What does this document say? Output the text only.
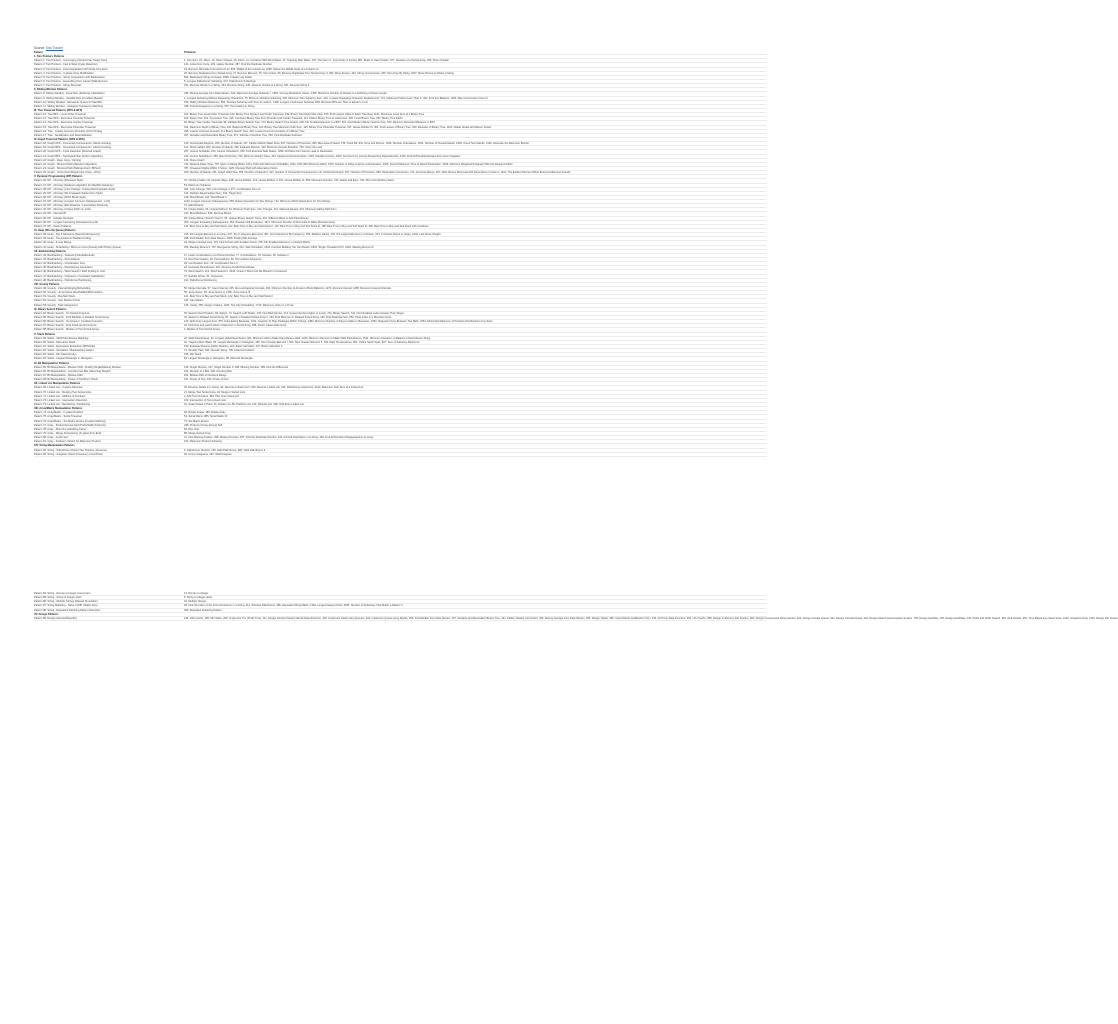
Source: Stat Tracker
Pattern	Problems
1. Two Pointers Patterns
Pattern 1: Two Pointers - Converging (Sorted Array Target Sum)	1. Two Sum, 15. 3Sum, 16. 3Sum Closest, 18. 4Sum, 11. Container With Most Water, 42. Trapping Rain Water, 167. Two Sum II - Input Array Is Sorted, 881. Boats to Save People, 977. Squares of a Sorted Array, 259. 3Sum Smaller
Pattern 2: Two Pointers - Fast & Slow (Cycle Detection)	141. Linked List Cycle, 202. Happy Number, 287. Find the Duplicate Number
Pattern 3: Two Pointers - Fixed Separation (Nth Node from End)	19. Remove Nth Node From End of List, 876. Middle of the Linked List, 2095. Delete the Middle Node of a Linked List
Pattern 4: Two Pointers - In-place Array Modification	26. Remove Duplicates from Sorted Array, 27. Remove Element, 75. Sort Colors, 80. Remove Duplicates from Sorted Array II, 283. Move Zeroes, 443. String Compression, 905. Sort Array By Parity, 2337. Move Pieces to Obtain a String
Pattern 5: Two Pointers - String Comparison with Backspaces	844. Backspace String Compare, 1598. Crawler Log Folder
Pattern 6: Two Pointers - Expanding From Center (Palindromes)	5. Longest Palindromic Substring, 647. Palindromic Substrings
Pattern 7: Two Pointers - String Reversal	151. Reverse Words in a String, 344. Reverse String, 345. Reverse Vowels of a String, 541. Reverse String II
II. Sliding Window Patterns
Pattern 8: Sliding Window - Fixed Size (Subarray Calculation)	346. Moving Average from Data Stream, 643. Maximum Average Subarray I, 1052. Grumpy Bookstore Owner, 1456. Maximum Number of Vowels in a Substring of Given Length
Pattern 9: Sliding Window - Variable Size (Condition-Based)	3. Longest Substring Without Repeating Characters, 76. Minimum Window Substring, 209. Minimum Size Subarray Sum, 424. Longest Repeating Character Replacement, 713. Subarray Product Less Than K, 904. Fruit Into Baskets, 1004. Max Consecutive Ones III
Pattern 10: Sliding Window - Monotonic Queue for Max/Min	239. Sliding Window Maximum, 862. Shortest Subarray with Sum at Least K, 1438. Longest Continuous Subarray With Absolute Diff Less Than or Equal to Limit
Pattern 11: Sliding Window - Character Frequency Matching	438. Find All Anagrams in a String, 567. Permutation in String
III. Tree Traversal Patterns (DFS & BFS)
Pattern 12: Tree BFS - Level Order Traversal	102. Binary Tree Level Order Traversal, 103. Binary Tree Zigzag Level Order Traversal, 199. Binary Tree Right Side View, 515. Find Largest Value in Each Tree Row, 1161. Maximum Level Sum of a Binary Tree
Pattern 13: Tree DFS - Recursive Preorder Traversal	100. Same Tree, 101. Symmetric Tree, 105. Construct Binary Tree from Preorder and Inorder Traversal, 114. Flatten Binary Tree to Linked List, 226. Invert Binary Tree, 257. Binary Tree Paths
Pattern 14: Tree DFS - Recursive Inorder Traversal	94. Binary Tree Inorder Traversal, 98. Validate Binary Search Tree, 173. Binary Search Tree Iterator, 230. Kth Smallest Element in a BST, 501. Find Mode in Binary Search Tree, 530. Minimum Absolute Difference in BST
Pattern 15: Tree DFS - Recursive Postorder Traversal	104. Maximum Depth of Binary Tree, 110. Balanced Binary Tree, 124. Binary Tree Maximum Path Sum, 145. Binary Tree Postorder Traversal, 337. House Robber III, 366. Find Leaves of Binary Tree, 543. Diameter of Binary Tree, 1110. Delete Nodes And Return Forest
Pattern 16: Tree - Lowest Common Ancestor (LCA) Finding	235. Lowest Common Ancestor of a Binary Search Tree, 236. Lowest Common Ancestor of a Binary Tree
Pattern 17: Tree - Serialization and Deserialization	297. Serialize and Deserialize Binary Tree, 572. Subtree of Another Tree, 652. Find Duplicate Subtrees
IV. Graph Traversal Patterns (DFS & BFS)
Pattern 18: Graph DFS - Connected Components / Island Counting	130. Surrounded Regions, 200. Number of Islands, 417. Pacific Atlantic Water Flow, 547. Number of Provinces, 695. Max Area of Island, 733. Flood Fill, 841. Keys and Rooms, 1020. Number of Enclaves, 1254. Number of Closed Islands, 1905. Count Sub Islands, 2101. Detonate the Maximum Bombs
Pattern 19: Graph BFS - Connected Components / Island Counting	127. Word Ladder, 200. Number of Islands, 399. Evaluate Division, 433. Minimum Genetic Mutation, 752. Open the Lock
Pattern 20: Graph DFS - Cycle Detection (Directed Graph)	207. Course Schedule, 210. Course Schedule II, 802. Find Eventual Safe States, 1059. All Paths from Source Lead to Destination
Pattern 21: Graph BFS - Topological Sort (Kahn's Algorithm)	210. Course Schedule II, 269. Alien Dictionary, 310. Minimum Height Trees, 444. Sequence Reconstruction, 1136. Parallel Courses, 1203. Sort Items by Groups Respecting Dependencies, 2115. Find All Possible Recipes from Given Supplies
Pattern 22: Graph - Deep Copy / Cloning	133. Clone Graph
Pattern 23: Graph - Shortest Path (Dijkstra's Algorithm)	743. Network Delay Time, 778. Swim in Rising Water, 1514. Path with Maximum Probability, 1631. Path With Minimum Effort, 1976. Number of Ways to Arrive at Destination, 2045. Second Minimum Time to Reach Destination, 2203. Minimum Weighted Subgraph With the Required Paths
Pattern 24: Graph - Shortest Path (Bellman-Ford / BFS+K)	787. Cheapest Flights Within K Stops, 1129. Shortest Path with Alternating Colors
Pattern 25: Graph - Union-Find (Disjoint Set Union - DSU)	200. Number of Islands, 261. Graph Valid Tree, 305. Number of Islands II, 323. Number of Connected Components in an Undirected Graph, 547. Number of Provinces, 684. Redundant Connection, 721. Accounts Merge, 947. Most Stones Removed with Same Row or Column, 1101. The Earliest Moment When Everyone Become Friends
V. Dynamic Programming (DP) Patterns
Pattern 26: DP - 1D Array (Fibonacci Style)	70. Climbing Stairs, 91. Decode Ways, 198. House Robber, 213. House Robber II, 337. House Robber III, 509. Fibonacci Number, 740. Delete and Earn, 746. Min Cost Climbing Stairs
Pattern 27: DP - 1D Array (Kadane's Algorithm for Max/Min Subarray)	53. Maximum Subarray
Pattern 28: DP - 1D Array (Coin Change / Unbounded Knapsack Style)	322. Coin Change, 518. Coin Change II, 377. Combination Sum IV
Pattern 29: DP - 1D Array (0/1 Knapsack Subset Sum Style)	416. Partition Equal Subset Sum, 494. Target Sum
Pattern 30: DP - 1D Array (Word Break Style)	139. Word Break, 140. Word Break II
Pattern 31: DP - 2D Array (Longest Common Subsequence - LCS)	1143. Longest Common Subsequence, 583. Delete Operation for Two Strings, 712. Minimum ASCII Delete Sum for Two Strings
Pattern 32: DP - 2D Array (Edit Distance / Levenshtein Distance)	72. Edit Distance
Pattern 33: DP - 2D Array (Unique Paths on Grid)	62. Unique Paths, 63. Unique Paths II, 64. Minimum Path Sum, 120. Triangle, 221. Maximal Square, 931. Minimum Falling Path Sum
Pattern 34: DP - Interval DP	312. Burst Balloons, 546. Remove Boxes
Pattern 35: DP - Catalan Numbers	95. Unique Binary Search Trees II, 96. Unique Binary Search Trees, 241. Different Ways to Add Parentheses
Pattern 36: DP - Longest Increasing Subsequence (LIS)	300. Longest Increasing Subsequence, 354. Russian Doll Envelopes, 1671. Minimum Number of Removals to Make Mountain Array
Pattern 37: DP - Stock Problems	121. Best Time to Buy and Sell Stock, 122. Best Time to Buy and Sell Stock II, 123. Best Time to Buy and Sell Stock III, 188. Best Time to Buy and Sell Stock IV, 309. Best Time to Buy and Sell Stock with Cooldown
VI. Heap (Priority Queue) Patterns
Pattern 38: Heap - Top K Elements (Selection/Frequency)	215. Kth Largest Element in an Array, 347. Top K Frequent Elements, 451. Sort Characters By Frequency, 506. Relative Ranks, 703. Kth Largest Element in a Stream, 973. K Closest Points to Origin, 1046. Last Stone Weight
Pattern 39: Heap - Two Heaps for Median Finding	295. Find Median from Data Stream, 1825. Finding MK Average
Pattern 40: Heap - K-way Merge	23. Merge k Sorted Lists, 373. Find K Pairs with Smallest Sums, 378. Kth Smallest Element in a Sorted Matrix
Pattern 41: Heap - Scheduling / Minimum Cost (Greedy with Priority Queue)	253. Meeting Rooms II, 767. Reorganize String, 621. Task Scheduler, 1642. Furthest Building You Can Reach, 1834. Single-Threaded CPU, 2402. Meeting Rooms III
VII. Backtracking Patterns
Pattern 42: Backtracking - Subsets (Include/Exclude)	17. Letter Combinations of a Phone Number, 77. Combinations, 78. Subsets, 90. Subsets II
Pattern 43: Backtracking - Permutations	31. Next Permutation, 46. Permutations, 60. Permutation Sequence
Pattern 44: Backtracking - Combination Sum	39. Combination Sum, 40. Combination Sum II
Pattern 45: Backtracking - Parentheses Generation	22. Generate Parentheses, 301. Remove Invalid Parentheses
Pattern 46: Backtracking - Word Search / Path Finding in Grid	79. Word Search, 212. Word Search II, 2018. Check if Word Can Be Placed In Crossword
Pattern 47: Backtracking - N-Queens / Constraint Satisfaction	37. Sudoku Solver, 51. N-Queens
Pattern 48: Backtracking - Palindrome Partitioning	131. Palindrome Partitioning
VIII. Greedy Patterns
Pattern 49: Greedy - Interval Merging/Scheduling	56. Merge Intervals, 57. Insert Interval, 435. Non-overlapping Intervals, 452. Minimum Number of Arrows to Burst Balloons, 1272. Remove Interval, 1288. Remove Covered Intervals
Pattern 50: Greedy - Jump Game Reachability/Minimization	55. Jump Game, 45. Jump Game II, 1306. Jump Game III
Pattern 51: Greedy - Buy/Sell Stock	121. Best Time to Buy and Sell Stock, 122. Best Time to Buy and Sell Stock II
Pattern 52: Greedy - Gas Station Circuit	134. Gas Station
Pattern 53: Greedy - Task Assignment	135. Candy, 455. Assign Cookies, 1029. Two City Scheduling, 1710. Maximum Units on a Truck
IX. Binary Search Patterns
Pattern 54: Binary Search - On Sorted Array/List	35. Search Insert Position, 69. Sqrt(x), 74. Search a 2D Matrix, 278. First Bad Version, 374. Guess Number Higher or Lower, 704. Binary Search, 744. Find Smallest Letter Greater Than Target
Pattern 55: Binary Search - Find Min/Max in Rotated Sorted Array	33. Search in Rotated Sorted Array, 81. Search in Rotated Sorted Array II, 153. Find Minimum in Rotated Sorted Array, 162. Find Peak Element, 852. Peak Index in a Mountain Array
Pattern 56: Binary Search - On Answer / Condition Function	410. Split Array Largest Sum, 875. Koko Eating Bananas, 1011. Capacity To Ship Packages Within D Days, 1482. Minimum Number of Days to Make m Bouquets, 1552. Magnetic Force Between Two Balls, 2064. Minimized Maximum of Products Distributed to Any Store
Pattern 57: Binary Search - Find First/Last Occurrence	34. Find First and Last Position of Element in Sorted Array, 658. Find K Closest Elements
Pattern 58: Binary Search - Median of Two Sorted Arrays	4. Median of Two Sorted Arrays
X. Stack Patterns
Pattern 59: Stack - Valid Parentheses Matching	20. Valid Parentheses, 32. Longest Valid Parentheses, 921. Minimum Add to Make Parentheses Valid, 1249. Minimum Remove to Make Valid Parentheses, 1541. Minimum Insertions to Balance a Parentheses String
Pattern 60: Stack - Monotonic Stack	42. Trapping Rain Water, 84. Largest Rectangle in Histogram, 496. Next Greater Element I, 503. Next Greater Element II, 739. Daily Temperatures, 901. Online Stock Span, 907. Sum of Subarray Minimums
Pattern 61: Stack - Expression Evaluation (RPN/Infix)	150. Evaluate Reverse Polish Notation, 224. Basic Calculator, 227. Basic Calculator II
Pattern 62: Stack - Simulation / Backtracking Helper	71. Simplify Path, 394. Decode String, 735. Asteroid Collision
Pattern 63: Stack - Min Stack Design	155. Min Stack
Pattern 64: Stack - Largest Rectangle in Histogram	84. Largest Rectangle in Histogram, 85. Maximal Rectangle
XI. Bit Manipulation Patterns
Pattern 65: Bit Manipulation - Bitwise XOR - Finding Single/Missing Number	136. Single Number, 137. Single Number II, 268. Missing Number, 389. Find the Difference
Pattern 66: Bit Manipulation - Counting Set Bits (Hamming Weight)	191. Number of 1 Bits, 338. Counting Bits
Pattern 67: Bit Manipulation - Bitwise AND	201. Bitwise AND of Numbers Range
Pattern 68: Bit Manipulation - Power of Two/Four Check	231. Power of Two, 342. Power of Four
XII. Linked List Manipulation Patterns
Pattern 69: Linked List - In-place Reversal	25. Reverse Nodes in k-Group, 92. Reverse Linked List II, 206. Reverse Linked List, 234. Palindrome Linked List, 2130. Maximum Twin Sum of a Linked List
Pattern 70: Linked List - Merging Two Sorted Lists	21. Merge Two Sorted Lists, 23. Merge k Sorted Lists
Pattern 71: Linked List - Addition of Numbers	2. Add Two Numbers, 369. Plus One Linked List
Pattern 72: Linked List - Intersection Detection	160. Intersection of Two Linked Lists
Pattern 73: Linked List - Reordering / Partitioning	24. Swap Nodes in Pairs, 61. Rotate List, 86. Partition List, 143. Reorder List, 328. Odd Even Linked List
XIII. Array/Matrix Manipulation Patterns
Pattern 74: Array/Matrix - In-place Rotation	48. Rotate Image, 189. Rotate Array
Pattern 75: Array/Matrix - Spiral Traversal	54. Spiral Matrix, 885. Spiral Matrix III
Pattern 76: Array/Matrix - Set Matrix Zeroes (In-place Marking)	73. Set Matrix Zeroes
Pattern 77: Array - Product Except Self (Prefix/Suffix Products)	238. Product of Array Except Self
Pattern 78: Array - Plus One (Handling Carry)	66. Plus One
Pattern 79: Array - Merge Sorted Array (In-place from End)	88. Merge Sorted Array
Pattern 80: Array - Cyclic Sort	41. First Missing Positive, 268. Missing Number, 287. Find the Duplicate Number, 442. Find All Duplicates in an Array, 448. Find All Numbers Disappeared in an Array
Pattern 81: Array - Kadane's Variant for Maximum Product	152. Maximum Product Subarray
XIV. String Manipulation Patterns
Pattern 82: String - Palindrome Check (Two Pointers / Reverse)	9. Palindrome Number, 125. Valid Palindrome, 680. Valid Palindrome II
Pattern 83: String - Anagram Check (Frequency Count/Sort)	49. Group Anagrams, 242. Valid Anagram
Pattern 84: String - Roman to Integer Conversion	13. Roman to Integer
Pattern 85: String - String to Integer (atoi)	8. String to Integer (atoi)
Pattern 86: String - Multiply Strings (Manual Simulation)	43. Multiply Strings
Pattern 87: String Matching - Naive / KMP / Rabin-Karp	28. Find the Index of the First Occurrence in a String, 214. Shortest Palindrome, 686. Repeated String Match, 1392. Longest Happy Prefix, 3036. Number of Subarrays That Match a Pattern II
Pattern 88: String - Repeated Substring Pattern Detection	459. Repeated Substring Pattern
XV. Design Patterns
Pattern 89: Design (General/Specific)	146. LRU Cache, 155. Min Stack, 208. Implement Trie (Prefix Tree), 211. Design Add and Search Words Data Structure, 225. Implement Stack using Queues, 232. Implement Queue using Stacks, 295. Find Median from Data Stream, 297. Serialize and Deserialize Binary Tree, 341. Flatten Nested List Iterator, 346. Moving Average from Data Stream, 355. Design Twitter, 380. Insert Delete GetRandom O(1), 432. All O'one Data Structure, 460. LFU Cache, 588. Design In-Memory File System, 604. Design Compressed String Iterator, 622. Design Circular Queue, 641. Design Circular Deque, 642. Design Search Autocomplete System, 705. Design HashSet, 706. Design HashMap, 745. Prefix and Suffix Search, 900. RLE Iterator, 981. Time Based Key-Value Store, 1146. Snapshot Array, 1166. Design File System
